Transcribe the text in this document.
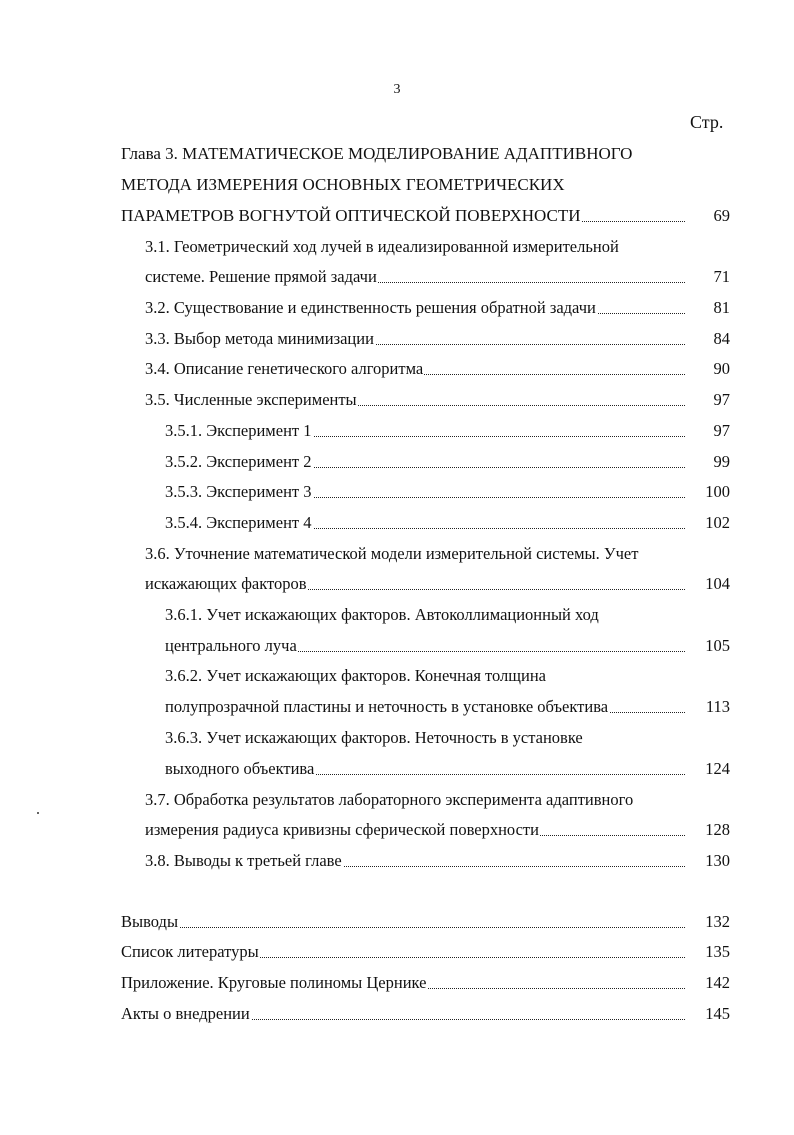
3
Стр.
Глава 3. МАТЕМАТИЧЕСКОЕ МОДЕЛИРОВАНИЕ АДАПТИВНОГО
МЕТОДА ИЗМЕРЕНИЯ ОСНОВНЫХ ГЕОМЕТРИЧЕСКИХ
ПАРАМЕТРОВ ВОГНУТОЙ ОПТИЧЕСКОЙ ПОВЕРХНОСТИ	69
3.1. Геометрический ход лучей в идеализированной измерительной
системе. Решение прямой задачи	71
3.2. Существование и единственность решения обратной задачи	81
3.3. Выбор метода минимизации	84
3.4. Описание генетического алгоритма	90
3.5. Численные эксперименты	97
3.5.1. Эксперимент 1	97
3.5.2. Эксперимент 2	99
3.5.3. Эксперимент 3	100
3.5.4. Эксперимент 4	102
3.6. Уточнение математической модели измерительной системы. Учет
искажающих факторов	104
3.6.1. Учет искажающих факторов. Автоколлимационный ход
центрального луча	105
3.6.2. Учет искажающих факторов. Конечная толщина
полупрозрачной пластины и неточность в установке объектива	113
3.6.3. Учет искажающих факторов. Неточность в установке
выходного объектива	124
3.7. Обработка результатов лабораторного эксперимента адаптивного
измерения радиуса кривизны сферической поверхности	128
3.8. Выводы к третьей главе	130
Выводы	132
Список литературы	135
Приложение. Круговые полиномы Цернике	142
Акты о внедрении	145
